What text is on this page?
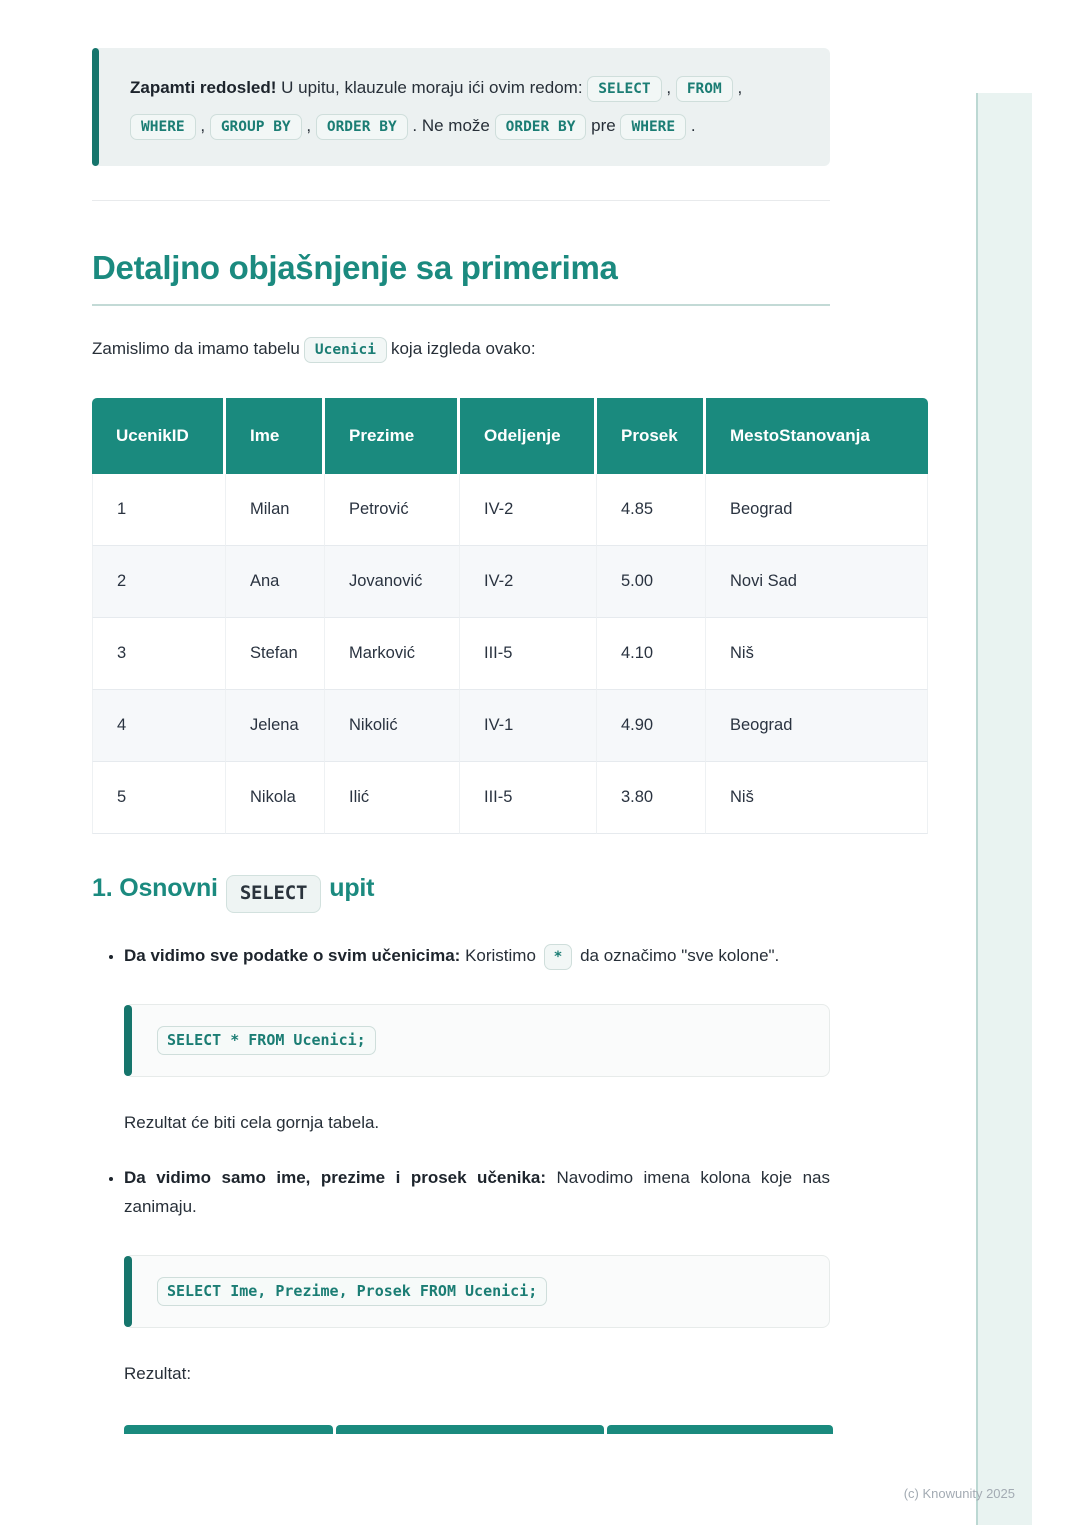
(c) Knowunity 2025

Zapamti redosled! U upitu, klauzule moraju ići ovim redom: SELECT , FROM , WHERE , GROUP BY , ORDER BY . Ne može ORDER BY pre WHERE .

Detaljno objašnjenje sa primerima

Zamislimo da imamo tabelu Ucenici koja izgleda ovako:

UcenikID	Ime	Prezime	Odeljenje	Prosek	MestoStanovanja
1	Milan	Petrović	IV-2	4.85	Beograd
2	Ana	Jovanović	IV-2	5.00	Novi Sad
3	Stefan	Marković	III-5	4.10	Niš
4	Jelena	Nikolić	IV-1	4.90	Beograd
5	Nikola	Ilić	III-5	3.80	Niš
1. Osnovni SELECT upit

• Da vidimo sve podatke o svim učenicima: Koristimo * da označimo "sve kolone".

SELECT * FROM Ucenici;

Rezultat će biti cela gornja tabela.

• Da vidimo samo ime, prezime i prosek učenika: Navodimo imena kolona koje nas zanimaju.

SELECT Ime, Prezime, Prosek FROM Ucenici;

Rezultat:
